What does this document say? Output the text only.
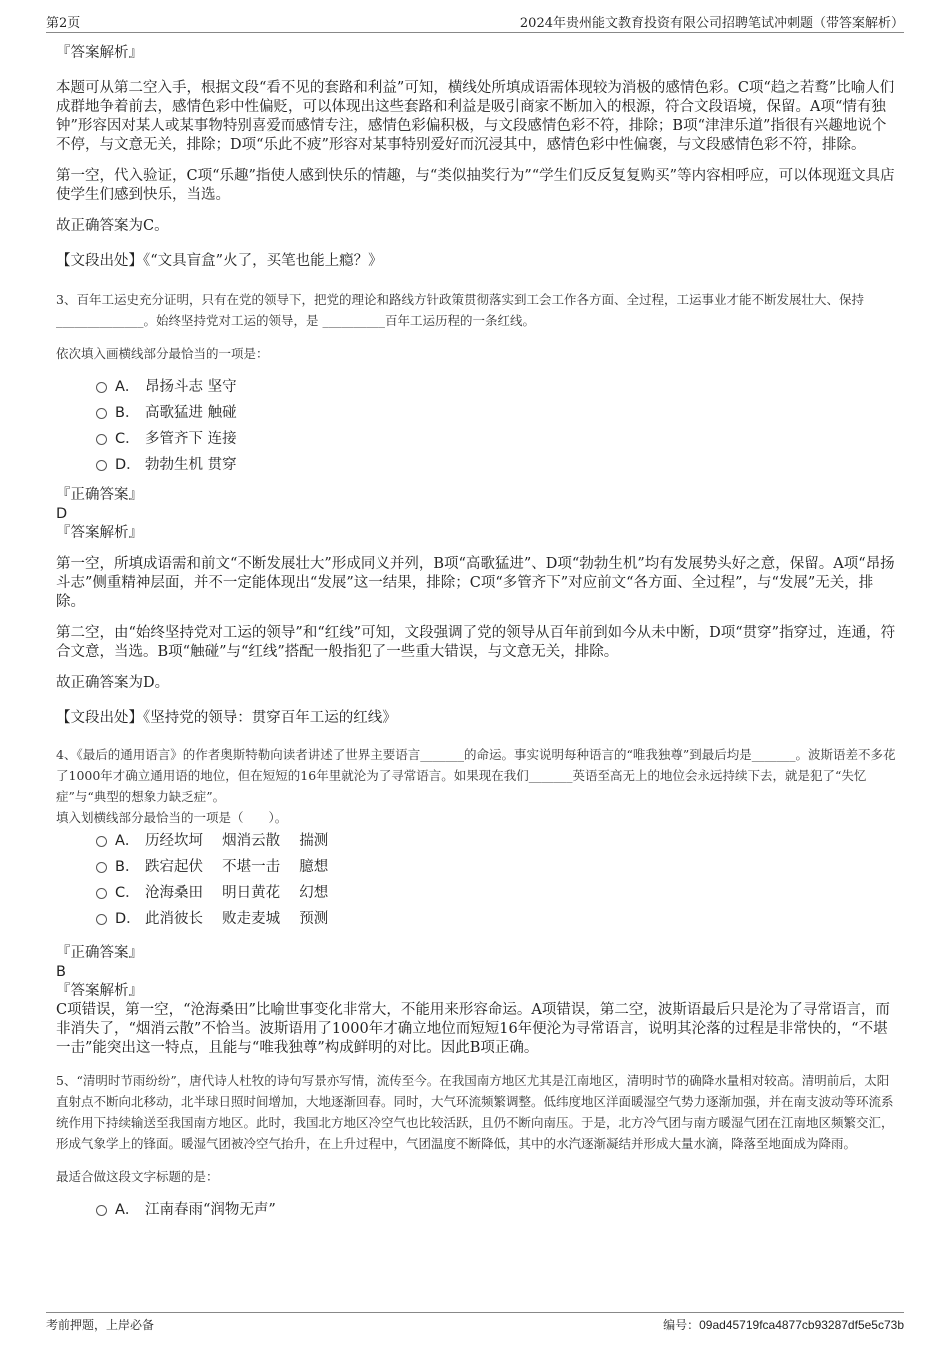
第2页	2024年贵州能文教育投资有限公司招聘笔试冲刺题（带答案解析）

『答案解析』

本题可从第二空入手，根据文段“看不见的套路和利益”可知，横线处所填成语需体现较为消极的感情色彩。C项“趋之若鹜”比喻人们成群地争着前去，感情色彩中性偏贬，可以体现出这些套路和利益是吸引商家不断加入的根源，符合文段语境，保留。A项“情有独钟”形容因对某人或某事物特别喜爱而感情专注，感情色彩偏积极，与文段感情色彩不符，排除；B项“津津乐道”指很有兴趣地说个不停，与文意无关，排除；D项“乐此不疲”形容对某事特别爱好而沉浸其中，感情色彩中性偏褒，与文段感情色彩不符，排除。

第一空，代入验证，C项“乐趣”指使人感到快乐的情趣，与“类似抽奖行为”“学生们反反复复购买”等内容相呼应，可以体现逛文具店使学生们感到快乐，当选。

故正确答案为C。

【文段出处】《“文具盲盒”火了，买笔也能上瘾？》

3、百年工运史充分证明，只有在党的领导下，把党的理论和路线方针政策贯彻落实到工会工作各方面、全过程，工运事业才能不断发展壮大、保持 ______________。始终坚持党对工运的领导，是 __________百年工运历程的一条红线。

依次填入画横线部分最恰当的一项是：

A． 昂扬斗志 坚守
B． 高歌猛进 触碰
C． 多管齐下 连接
D． 勃勃生机 贯穿

『正确答案』

D

『答案解析』

第一空，所填成语需和前文“不断发展壮大”形成同义并列，B项“高歌猛进”、D项“勃勃生机”均有发展势头好之意，保留。A项“昂扬斗志”侧重精神层面，并不一定能体现出“发展”这一结果，排除；C项“多管齐下”对应前文“各方面、全过程”，与“发展”无关，排除。

第二空，由“始终坚持党对工运的领导”和“红线”可知，文段强调了党的领导从百年前到如今从未中断，D项“贯穿”指穿过，连通，符合文意，当选。B项“触碰”与“红线”搭配一般指犯了一些重大错误，与文意无关，排除。

故正确答案为D。

【文段出处】《坚持党的领导：贯穿百年工运的红线》

4、《最后的通用语言》的作者奥斯特勒向读者讲述了世界主要语言_______的命运。事实说明每种语言的“唯我独尊”到最后均是_______。波斯语差不多花了1000年才确立通用语的地位，但在短短的16年里就沦为了寻常语言。如果现在我们_______英语至高无上的地位会永远持续下去，就是犯了“失忆症”与“典型的想象力缺乏症”。

填入划横线部分最恰当的一项是（　　）。

A． 历经坎坷　 烟消云散　 揣测
B． 跌宕起伏　 不堪一击　 臆想
C． 沧海桑田　 明日黄花　 幻想
D． 此消彼长　 败走麦城　 预测

『正确答案』

B

『答案解析』

C项错误，第一空，“沧海桑田”比喻世事变化非常大，不能用来形容命运。A项错误，第二空，波斯语最后只是沦为了寻常语言，而非消失了，“烟消云散”不恰当。波斯语用了1000年才确立地位而短短16年便沦为寻常语言，说明其沦落的过程是非常快的，“不堪一击”能突出这一特点，且能与“唯我独尊”构成鲜明的对比。因此B项正确。

5、“清明时节雨纷纷”，唐代诗人杜牧的诗句写景亦写情，流传至今。在我国南方地区尤其是江南地区，清明时节的确降水量相对较高。清明前后，太阳直射点不断向北移动，北半球日照时间增加，大地逐渐回春。同时，大气环流频繁调整。低纬度地区洋面暖湿空气势力逐渐加强，并在南支波动等环流系统作用下持续输送至我国南方地区。此时，我国北方地区冷空气也比较活跃，且仍不断向南压。于是，北方冷气团与南方暖湿气团在江南地区频繁交汇，形成气象学上的锋面。暖湿气团被冷空气抬升，在上升过程中，气团温度不断降低，其中的水汽逐渐凝结并形成大量水滴，降落至地面成为降雨。

最适合做这段文字标题的是：

A． 江南春雨“润物无声”
考前押题，上岸必备	编号：09ad45719fca4877cb93287df5e5c73b
